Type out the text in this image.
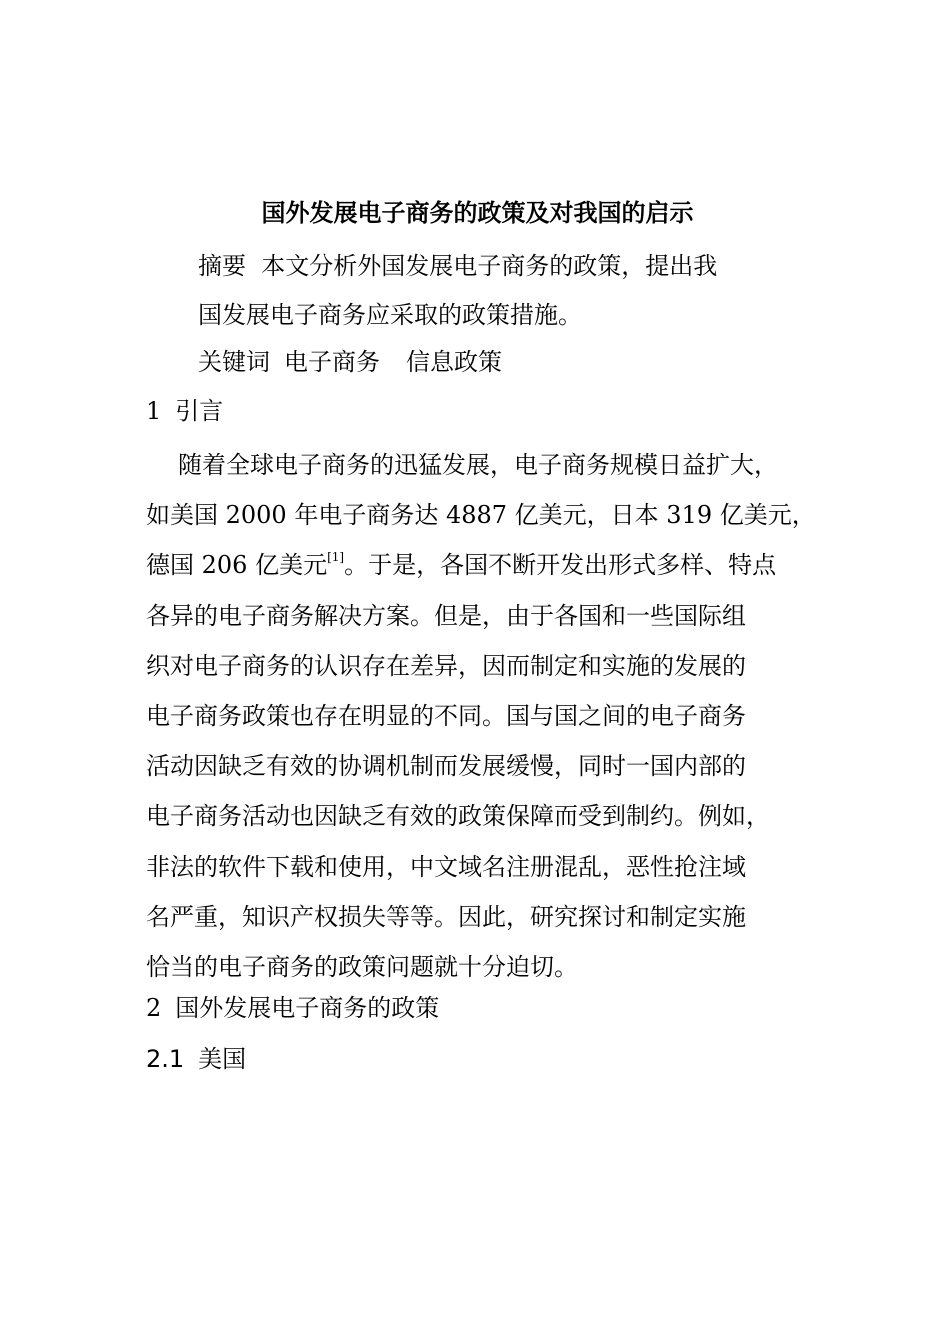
国外发展电子商务的政策及对我国的启示
摘要 本文分析外国发展电子商务的政策，提出我
国发展电子商务应采取的政策措施。
关键词 电子商务 信息政策
1 引言
随着全球电子商务的迅猛发展，电子商务规模日益扩大，
如美国 2000 年电子商务达 4887 亿美元，日本 319 亿美元，
德国 206 亿美元[1]。于是，各国不断开发出形式多样、特点
各异的电子商务解决方案。但是，由于各国和一些国际组
织对电子商务的认识存在差异，因而制定和实施的发展的
电子商务政策也存在明显的不同。国与国之间的电子商务
活动因缺乏有效的协调机制而发展缓慢，同时一国内部的
电子商务活动也因缺乏有效的政策保障而受到制约。例如，
非法的软件下载和使用，中文域名注册混乱，恶性抢注域
名严重，知识产权损失等等。因此，研究探讨和制定实施
恰当的电子商务的政策问题就十分迫切。
2 国外发展电子商务的政策
2.1 美国
